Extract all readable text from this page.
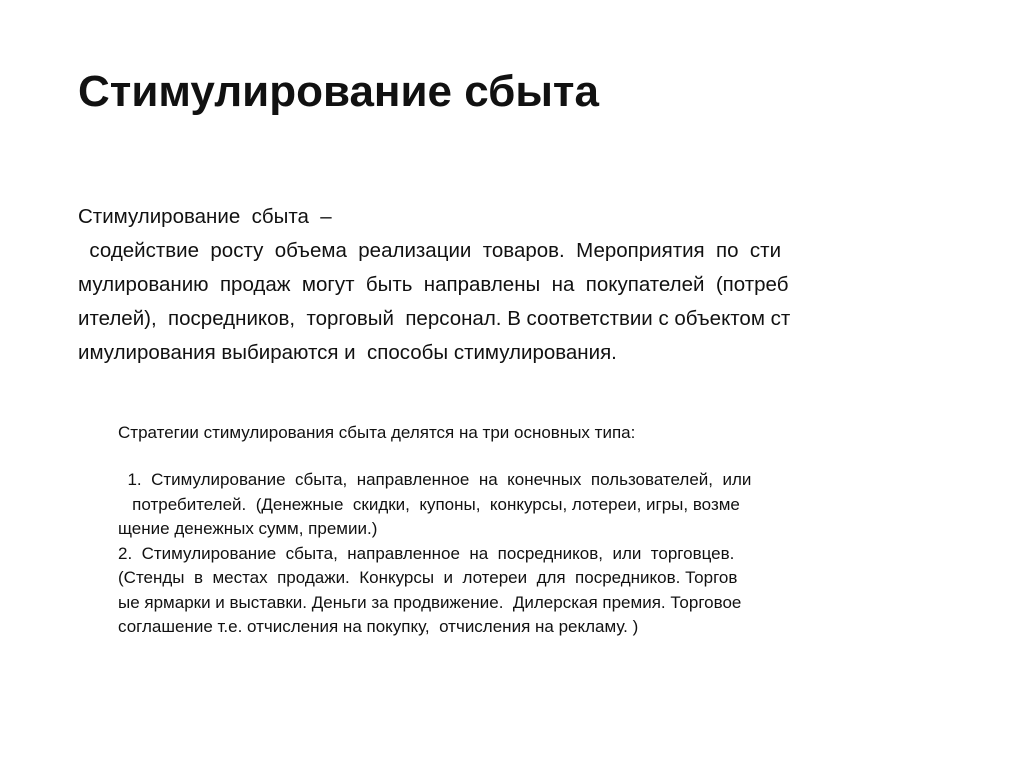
Стимулирование сбыта
Стимулирование  сбыта  –
содействие  росту  объема  реализации  товаров.  Мероприятия  по  сти
мулированию  продаж  могут  быть  направлены  на  покупателей  (потреб
ителей),  посредников,  торговый  персонал. В соответствии с объектом ст
имулирования выбираются и  способы стимулирования.
Стратегии стимулирования сбыта делятся на три основных типа:
1.  Стимулирование  сбыта,  направленное  на  конечных  пользователей,  или
потребителей.  (Денежные  скидки,  купоны,  конкурсы, лотереи, игры, возме
щение денежных сумм, премии.)
2.  Стимулирование  сбыта,  направленное  на  посредников,  или  торговцев.
(Стенды  в  местах  продажи.  Конкурсы  и  лотереи  для  посредников. Торгов
ые ярмарки и выставки. Деньги за продвижение.  Дилерская премия. Торговое
соглашение т.е. отчисления на покупку,  отчисления на рекламу. )
